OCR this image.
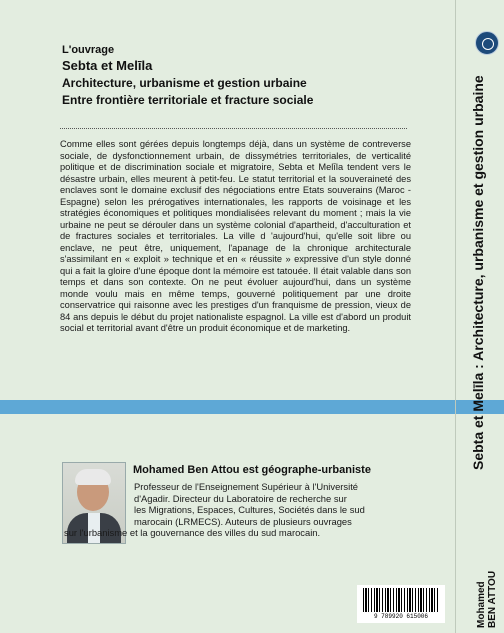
L'ouvrage
Sebta et Melīla
Architecture, urbanisme et gestion urbaine
Entre frontière territoriale et fracture sociale

Comme elles sont gérées depuis longtemps déjà, dans un système de contreverse sociale, de dysfonctionnement urbain, de dissymétries territoriales, de verticalité politique et de discrimination sociale et migratoire, Sebta et Melīla tendent vers le désastre urbain, elles meurent à petit-feu. Le statut territorial et la souveraineté des enclaves sont le domaine exclusif des négociations entre Etats souverains (Maroc - Espagne) selon les prérogatives internationales, les rapports de voisinage et les stratégies économiques et politiques mondialisées relevant du moment ; mais la vie urbaine ne peut se dérouler dans un système colonial d'apartheid, d'acculturation et de fractures sociales et territoriales. La ville d 'aujourd'hui, qu'elle soit libre ou enclave, ne peut être, uniquement, l'apanage de la chronique architecturale s'assimilant en « exploit » technique et en « réussite » expressive d'un style donné qui a fait la gloire d'une époque dont la mémoire est tatouée. Il était valable dans son temps et dans son contexte. On ne peut évoluer aujourd'hui, dans un système monde voulu mais en même temps, gouverné politiquement par une droite conservatrice qui raisonne avec les prestiges d'un franquisme de pression, vieux de 84 ans depuis le début du projet nationaliste espagnol. La ville est d'abord un produit social et territorial avant d'être un produit économique et de marketing.

Mohamed Ben Attou est géographe-urbaniste
Professeur de l'Enseignement Supérieur à l'Université
d'Agadir. Directeur du Laboratoire de recherche sur
les Migrations, Espaces, Cultures, Sociétés dans le sud
marocain (LRMECS). Auteurs de plusieurs ouvrages
sur l'urbanisme et la gouvernance des villes du sud marocain.
9 789920 615006
Sebta et Melīla : Architecture, urbanisme et gestion urbaine
Mohamed BEN ATTOU
